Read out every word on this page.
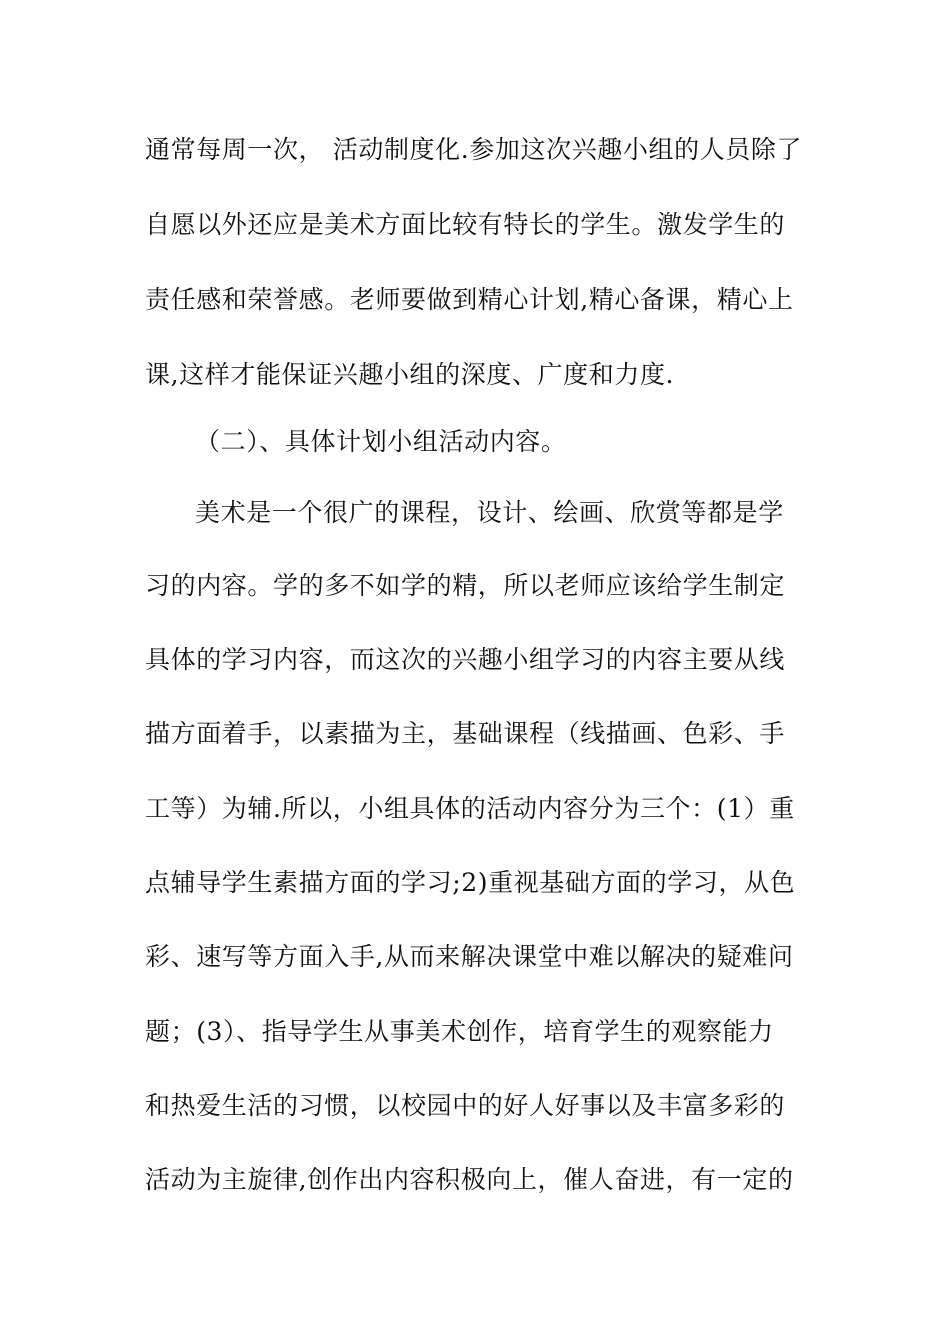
通常每周一次， 活动制度化.参加这次兴趣小组的人员除了
自愿以外还应是美术方面比较有特长的学生。激发学生的
责任感和荣誉感。老师要做到精心计划,精心备课，精心上
课,这样才能保证兴趣小组的深度、广度和力度.
（二）、具体计划小组活动内容。
美术是一个很广的课程，设计、绘画、欣赏等都是学
习的内容。学的多不如学的精，所以老师应该给学生制定
具体的学习内容，而这次的兴趣小组学习的内容主要从线
描方面着手，以素描为主，基础课程（线描画、色彩、手
工等）为辅.所以，小组具体的活动内容分为三个：(1）重
点辅导学生素描方面的学习;2)重视基础方面的学习，从色
彩、速写等方面入手,从而来解决课堂中难以解决的疑难问
题；(3）、指导学生从事美术创作，培育学生的观察能力
和热爱生活的习惯，以校园中的好人好事以及丰富多彩的
活动为主旋律,创作出内容积极向上，催人奋进，有一定的
